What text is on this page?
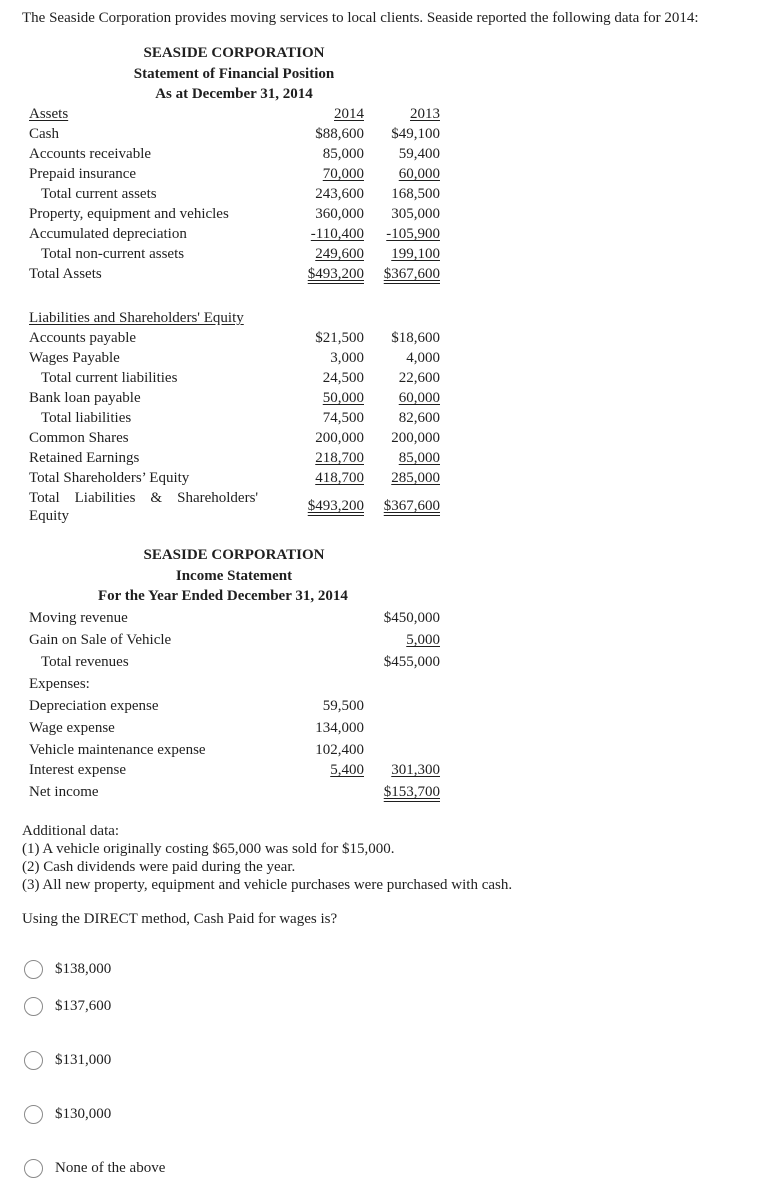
The Seaside Corporation provides moving services to local clients. Seaside reported the following data for 2014:
SEASIDE CORPORATION
Statement of Financial Position
As at December 31, 2014
Assets	2014	2013
Cash	$88,600 $49,100
Accounts receivable	85,000 59,400
Prepaid insurance	70,000 60,000
Total current assets	243,600 168,500
Property, equipment and vehicles	360,000 305,000
Accumulated depreciation	-110,400 -105,900
Total non-current assets	249,600 199,100
Total Assets	$493,200 $367,600
Liabilities and Shareholders' Equity
Accounts payable	$21,500 $18,600
Wages Payable	3,000	4,000
Total current liabilities	24,500 22,600
Bank loan payable	50,000 60,000
Total liabilities	74,500 82,600
Common Shares	200,000 200,000
Retained Earnings	218,700 85,000
Total Shareholders’ Equity	418,700 285,000
Total    Liabilities    &    Shareholders'
Equity
$493,200 $367,600
SEASIDE CORPORATION
Income Statement
For the Year Ended December 31, 2014
Moving revenue	$450,000
Gain on Sale of Vehicle	5,000
Total revenues	$455,000
Expenses:
Depreciation expense	59,500
Wage expense	134,000
Vehicle maintenance expense	102,400
Interest expense	5,400 301,300
Net income	$153,700
Additional data:
(1) A vehicle originally costing $65,000 was sold for $15,000.
(2) Cash dividends were paid during the year.
(3) All new property, equipment and vehicle purchases were purchased with cash.
Using the DIRECT method, Cash Paid for wages is?
$138,000
$137,600
$131,000
$130,000
None of the above
